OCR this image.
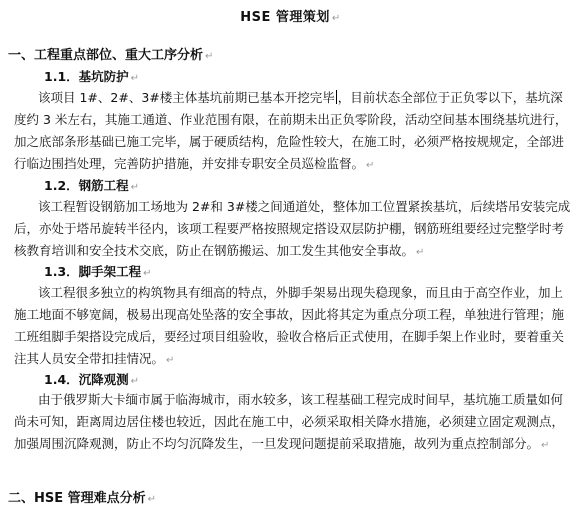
HSE 管理策划 ↵
一、工程重点部位、重大工序分析 ↵
1.1．基坑防护 ↵
该项目 1#、2#、3#楼主体基坑前期已基本开挖完毕 ，目前状态全部位于正负零以下，基坑深度约 3 米左右，其施工通道、作业范围有限，在前期未出正负零阶段，活动空间基本围绕基坑进行，加之底部条形基础已施工完毕，属于硬质结构，危险性较大，在施工时，必须严格按规规定，全部进行临边围挡处理，完善防护措施，并安排专职安全员巡检监督。 ↵
1.2．钢筋工程 ↵
该工程暂设钢筋加工场地为 2#和 3#楼之间通道处，整体加工位置紧挨基坑，后续塔吊安装完成后，亦处于塔吊旋转半径内，该项工程要严格按照规定搭设双层防护棚，钢筋班组要经过完整学时考核教育培训和安全技术交底，防止在钢筋搬运、加工发生其他安全事故。 ↵
1.3．脚手架工程 ↵
该工程很多独立的构筑物具有细高的特点，外脚手架易出现失稳现象，而且由于高空作业，加上施工地面不够宽阔，极易出现高处坠落的安全事故，因此将其定为重点分项工程，单独进行管理；施工班组脚手架搭设完成后，要经过项目组验收，验收合格后正式使用，在脚手架上作业时，要着重关注其人员安全带扣挂情况。 ↵
1.4．沉降观测 ↵
由于俄罗斯大卡缅市属于临海城市，雨水较多，该工程基础工程完成时间早，基坑施工质量如何尚未可知，距离周边居住楼也较近，因此在施工中，必须采取相关降水措施，必须建立固定观测点，加强周围沉降观测，防止不均匀沉降发生，一旦发现问题提前采取措施，故列为重点控制部分。 ↵
二、HSE 管理难点分析 ↵
